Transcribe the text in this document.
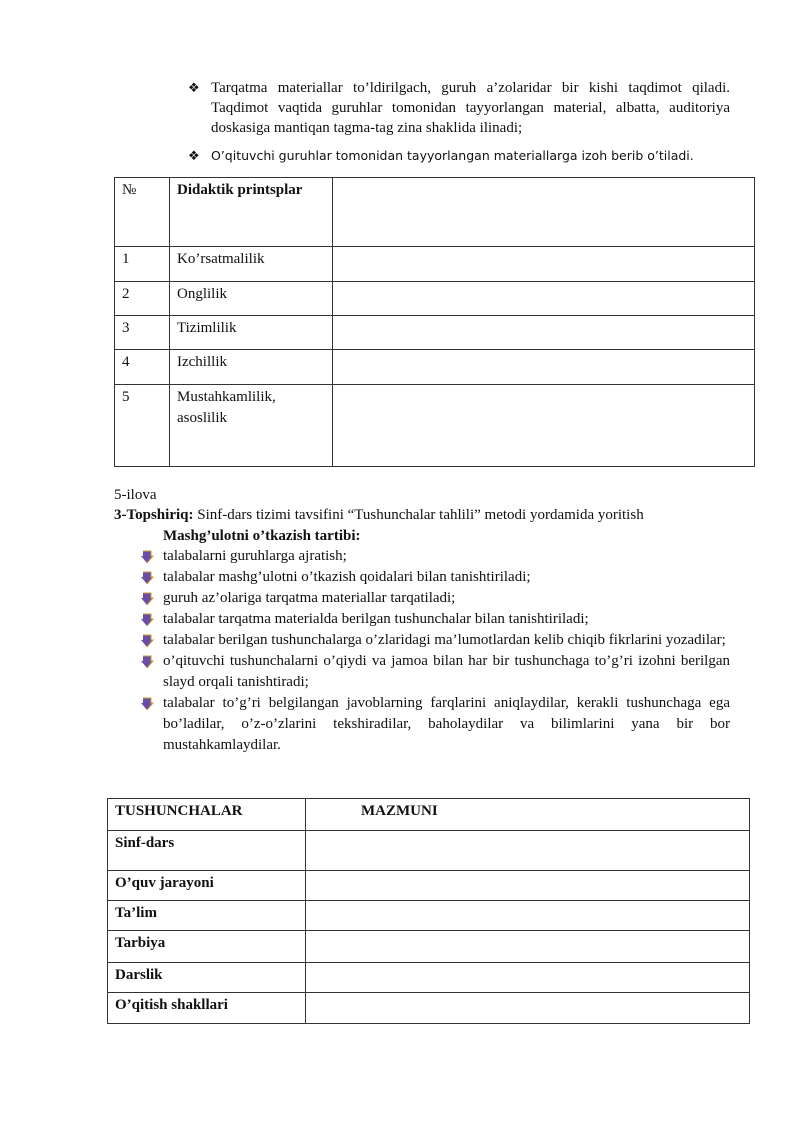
❖ Tarqatma materiallar to’ldirilgach, guruh a’zolaridar bir kishi taqdimot qiladi. Taqdimot vaqtida guruhlar tomonidan tayyorlangan material, albatta, auditoriya doskasiga mantiqan tagma-tag zina shaklida ilinadi;
❖ O’qituvchi guruhlar tomonidan tayyorlangan materiallarga izoh berib o’tiladi.
№	Didaktik printsplar	
1	Ko’rsatmalilik	
2	Onglilik	
3	Tizimlilik	
4	Izchillik	
5	Mustahkamlilik, asoslilik	
5-ilova
3-Topshiriq: Sinf-dars tizimi tavsifini “Tushunchalar tahlili” metodi yordamida yoritish
Mashg’ulotni o’tkazish tartibi:
talabalarni guruhlarga ajratish;
talabalar mashg’ulotni o’tkazish qoidalari bilan tanishtiriladi;
guruh az’olariga tarqatma materiallar tarqatiladi;
talabalar tarqatma materialda berilgan tushunchalar bilan tanishtiriladi;
talabalar berilgan tushunchalarga o’zlaridagi ma’lumotlardan kelib chiqib fikrlarini yozadilar;
o’qituvchi tushunchalarni o’qiydi va jamoa bilan har bir tushunchaga to’g’ri izohni berilgan slayd orqali tanishtiradi;
talabalar to’g’ri belgilangan javoblarning farqlarini aniqlaydilar, kerakli tushunchaga ega bo’ladilar, o’z-o’zlarini tekshiradilar, baholaydilar va bilimlarini yana bir bor mustahkamlaydilar.
TUSHUNCHALAR	MAZMUNI
Sinf-dars	
O’quv jarayoni	
Ta’lim	
Tarbiya	
Darslik	
O’qitish shakllari	
